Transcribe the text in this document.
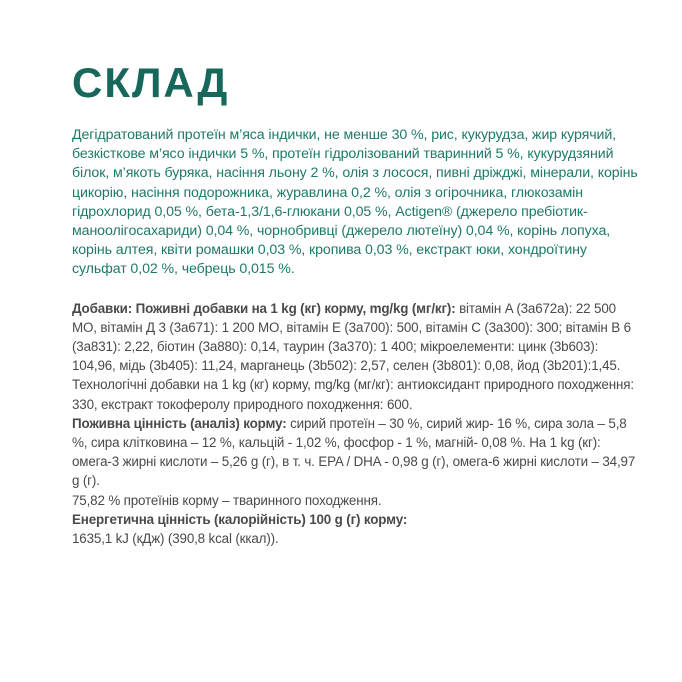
СКЛАД

Дегідратований протеїн м’яса індички, не менше 30 %, рис, кукурудза, жир курячий, безкісткове м’ясо індички 5 %, протеїн гідролізований тваринний 5 %, кукурудзяний білок, м’якоть буряка, насіння льону 2 %, олія з лосося, пивні дріжджі, мінерали, корінь цикорію, насіння подорожника, журавлина 0,2 %, олія з огірочника, глюкозамін гідрохлорид 0,05 %, бета-1,3/1,6-глюкани 0,05 %, Actigen® (джерело пребіотик- маноолігосахариди) 0,04 %, чорнобривці (джерело лютеїну) 0,04 %, корінь лопуха, корінь алтея, квіти ромашки 0,03 %, кропива 0,03 %, екстракт юки, хондроїтину сульфат 0,02 %, чебрець 0,015 %.

Добавки: Поживні добавки на 1 kg (кг) корму, mg/kg (мг/кг): вітамін A (3a672a): 22 500 МО, вітамін Д 3 (3a671): 1 200 МО, вітамін E (3a700): 500, вітамін C (3a300): 300; вітамін B 6 (3a831): 2,22, біотин (3a880): 0,14, таурин (3a370): 1 400; мікроелементи: цинк (3b603): 104,96, мідь (3b405): 11,24, марганець (3b502): 2,57, селен (3b801): 0,08, йод (3b201):1,45. Технологічні добавки на 1 kg (кг) корму, mg/kg (мг/кг): антиоксидант природного походження: 330, екстракт токоферолу природного походження: 600.
Поживна цінність (аналіз) корму: сирий протеїн – 30 %, сирий жир- 16 %, сира зола – 5,8 %, сира клітковина – 12 %, кальцій - 1,02 %, фосфор - 1 %, магній- 0,08 %. На 1 kg (кг): омега-3 жирні кислоти – 5,26 g (г), в т. ч. EPA / DHA - 0,98 g (г), омега-6 жирні кислоти – 34,97 g (г).
75,82 % протеїнів корму – тваринного походження.
Енергетична цінність (калорійність) 100 g (г) корму:
1635,1 kJ (кДж) (390,8 kcal (ккал)).
